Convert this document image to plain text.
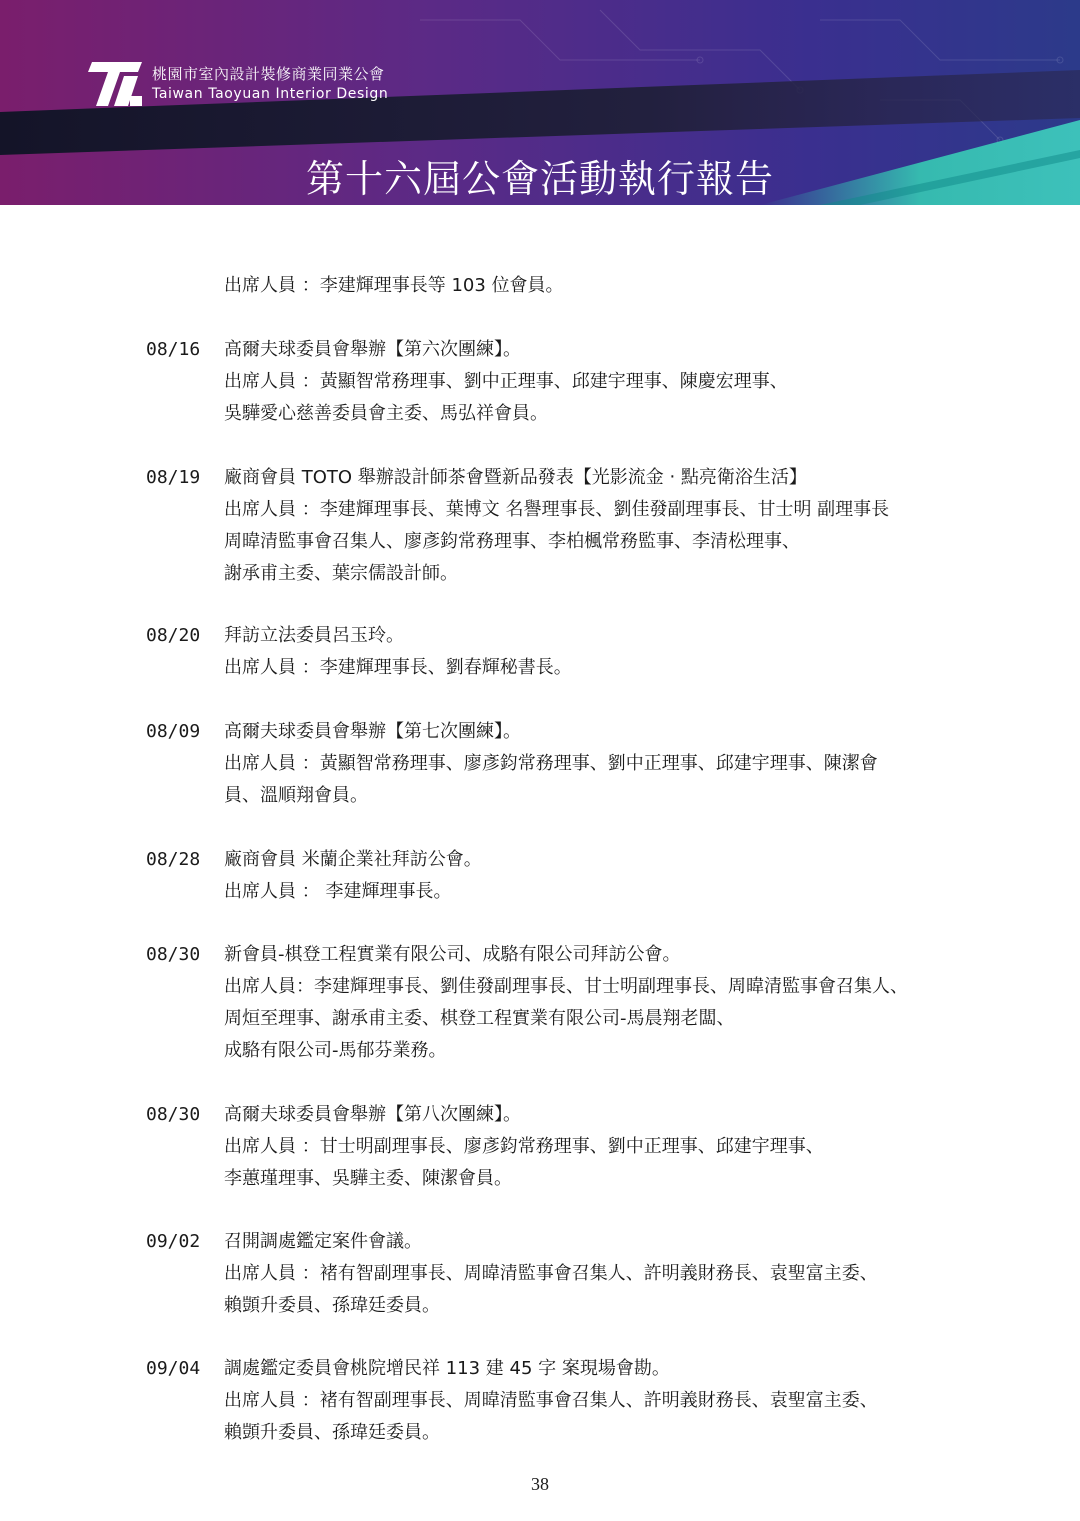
桃園市室內設計裝修商業同業公會
Taiwan Taoyuan Interior Design
第十六屆公會活動執行報告
出席人員 ：李建輝理事長等 103 位會員。
08/16 高爾夫球委員會舉辦【第六次團練】。
出席人員 ：黃顯智常務理事、劉中正理事、邱建宇理事、陳慶宏理事、
吳驊愛心慈善委員會主委、馬弘祥會員。
08/19 廠商會員 TOTO 舉辦設計師茶會暨新品發表【光影流金 ‧ 點亮衛浴生活】
出席人員 ：李建輝理事長、葉博文 名譽理事長、劉佳發副理事長、甘士明 副理事長
周暐清監事會召集人、廖彥鈞常務理事、李柏楓常務監事、李清松理事、
謝承甫主委、葉宗儒設計師。
08/20 拜訪立法委員呂玉玲。
出席人員 ：李建輝理事長、劉春輝秘書長。
08/09 高爾夫球委員會舉辦【第七次團練】。
出席人員 ：黃顯智常務理事、廖彥鈞常務理事、劉中正理事、邱建宇理事、陳潔會
員、溫順翔會員。
08/28 廠商會員 米蘭企業社拜訪公會。
出席人員 ： 李建輝理事長。
08/30 新會員-棋登工程實業有限公司、成駱有限公司拜訪公會。
出席人員：李建輝理事長、劉佳發副理事長、甘士明副理事長、周暐清監事會召集人、
周烜至理事、謝承甫主委、棋登工程實業有限公司-馬晨翔老闆、
成駱有限公司-馬郁芬業務。
08/30 高爾夫球委員會舉辦【第八次團練】。
出席人員 ：甘士明副理事長、廖彥鈞常務理事、劉中正理事、邱建宇理事、
李蕙瑾理事、吳驊主委、陳潔會員。
09/02 召開調處鑑定案件會議。
出席人員 ：褚有智副理事長、周暐清監事會召集人、許明義財務長、袁聖富主委、
賴顗升委員、孫瑋廷委員。
09/04 調處鑑定委員會桃院增民祥 113 建 45 字 案現場會勘。
出席人員 ：褚有智副理事長、周暐清監事會召集人、許明義財務長、袁聖富主委、
賴顗升委員、孫瑋廷委員。
38
